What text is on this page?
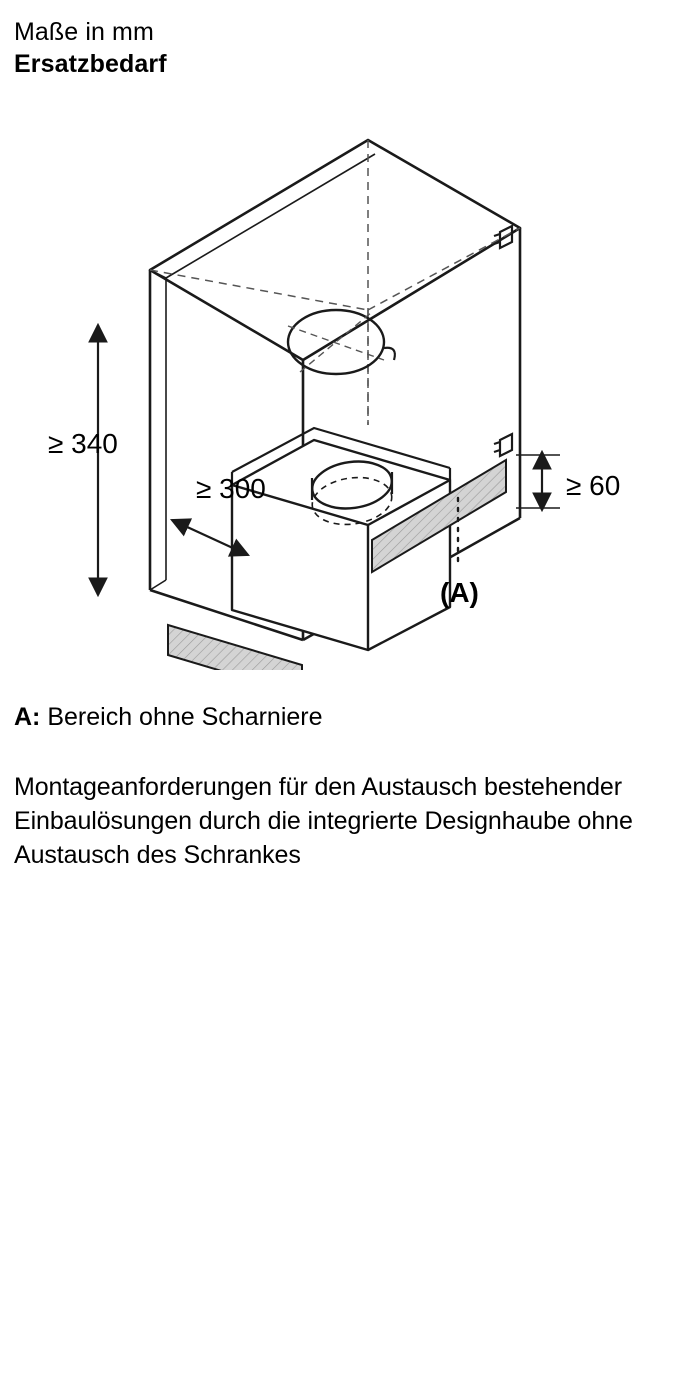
Maße in mm
Ersatzbedarf
≥ 340
≥ 300	≥ 60
(A)
A: Bereich ohne Scharniere
Montageanforderungen für den Austausch bestehender Einbaulösungen durch die integrierte Designhaube ohne Austausch des Schrankes
